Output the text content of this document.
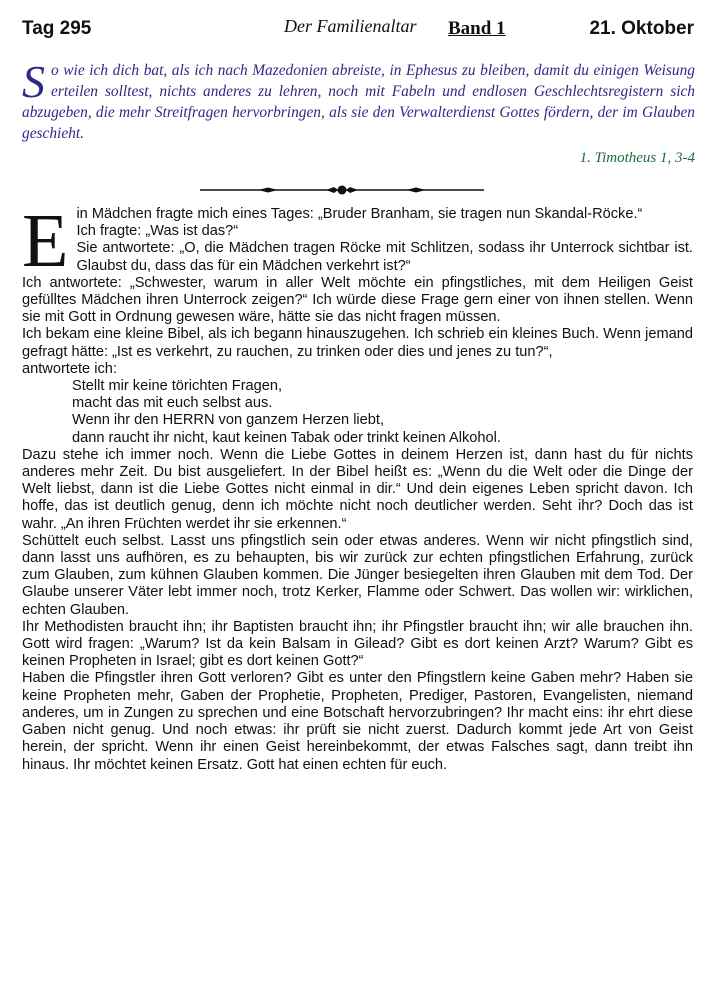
Tag 295	Der Familienaltar Band 1	21. Oktober
So wie ich dich bat, als ich nach Mazedonien abreiste, in Ephesus zu bleiben, damit du einigen Weisung erteilen solltest, nichts anderes zu lehren, noch mit Fabeln und endlosen Geschlechtsregistern sich abzugeben, die mehr Streitfragen hervorbringen, als sie den Verwalterdienst Gottes fördern, der im Glauben geschieht.
1. Timotheus 1, 3-4
E in Mädchen fragte mich eines Tages: „Bruder Branham, sie tragen nun Skandal-Röcke.“

Ich fragte: „Was ist das?“

Sie antwortete: „O, die Mädchen tragen Röcke mit Schlitzen, sodass ihr Unterrock sichtbar ist. Glaubst du, dass das für ein Mädchen verkehrt ist?“

Ich antwortete: „Schwester, warum in aller Welt möchte ein pfingstliches, mit dem Heiligen Geist gefülltes Mädchen ihren Unterrock zeigen?“ Ich würde diese Frage gern einer von ihnen stellen. Wenn sie mit Gott in Ordnung gewesen wäre, hätte sie das nicht fragen müssen.

Ich bekam eine kleine Bibel, als ich begann hinauszugehen. Ich schrieb ein kleines Buch. Wenn jemand gefragt hätte: „Ist es verkehrt, zu rauchen, zu trinken oder dies und jenes zu tun?“,

antwortete ich:

Stellt mir keine törichten Fragen,
macht das mit euch selbst aus.
Wenn ihr den HERRN von ganzem Herzen liebt,
dann raucht ihr nicht, kaut keinen Tabak oder trinkt keinen Alkohol.

Dazu stehe ich immer noch. Wenn die Liebe Gottes in deinem Herzen ist, dann hast du für nichts anderes mehr Zeit. Du bist ausgeliefert. In der Bibel heißt es: „Wenn du die Welt oder die Dinge der Welt liebst, dann ist die Liebe Gottes nicht einmal in dir.“ Und dein eigenes Leben spricht davon. Ich hoffe, das ist deutlich genug, denn ich möchte nicht noch deutlicher werden. Seht ihr? Doch das ist wahr. „An ihren Früchten werdet ihr sie erkennen.“

Schüttelt euch selbst. Lasst uns pfingstlich sein oder etwas anderes. Wenn wir nicht pfingstlich sind, dann lasst uns aufhören, es zu behaupten, bis wir zurück zur echten pfingstlichen Erfahrung, zurück zum Glauben, zum kühnen Glauben kommen. Die Jünger besiegelten ihren Glauben mit dem Tod. Der Glaube unserer Väter lebt immer noch, trotz Kerker, Flamme oder Schwert. Das wollen wir: wirklichen, echten Glauben.

Ihr Methodisten braucht ihn; ihr Baptisten braucht ihn; ihr Pfingstler braucht ihn; wir alle brauchen ihn. Gott wird fragen: „Warum? Ist da kein Balsam in Gilead? Gibt es dort keinen Arzt? Warum? Gibt es keinen Propheten in Israel; gibt es dort keinen Gott?“

Haben die Pfingstler ihren Gott verloren? Gibt es unter den Pfingstlern keine Gaben mehr? Haben sie keine Propheten mehr, Gaben der Prophetie, Propheten, Prediger, Pastoren, Evangelisten, niemand anderes, um in Zungen zu sprechen und eine Botschaft hervorzubringen? Ihr macht eins: ihr ehrt diese Gaben nicht genug. Und noch etwas: ihr prüft sie nicht zuerst. Dadurch kommt jede Art von Geist herein, der spricht. Wenn ihr einen Geist hereinbekommt, der etwas Falsches sagt, dann treibt ihn hinaus. Ihr möchtet keinen Ersatz. Gott hat einen echten für euch.
